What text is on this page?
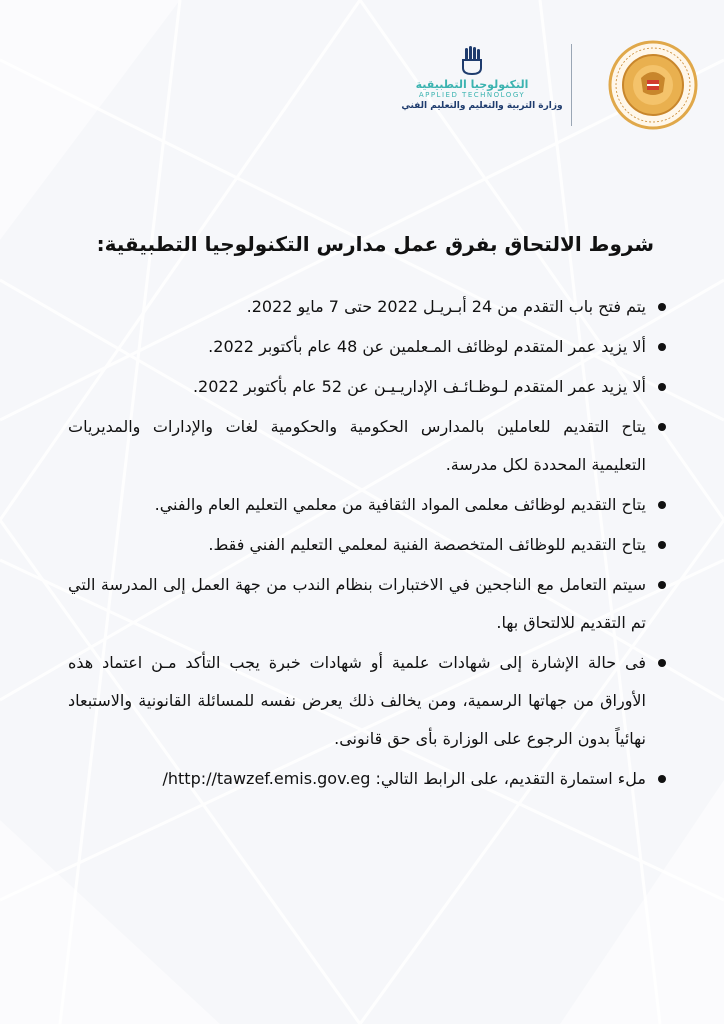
التكنولوجيا التطبيقية
APPLIED TECHNOLOGY
وزارة التربية والتعليم والتعليم الفني
شروط الالتحاق بفرق عمل مدارس التكنولوجيا التطبيقية:
يتم فتح باب التقدم من 24 أبـريـل 2022 حتى 7 مايو 2022.
ألا يزيد عمر المتقدم لوظائف المـعلمين عن 48 عام بأكتوبر 2022.
ألا يزيد عمر المتقدم لـوظـائـف الإداريـيـن عن 52 عام بأكتوبر 2022.
يتاح التقديم للعاملين بالمدارس الحكومية والحكومية لغات والإدارات والمديريات التعليمية المحددة لكل مدرسة.
يتاح التقديم لوظائف معلمى المواد الثقافية من معلمي التعليم العام والفني.
يتاح التقديم للوظائف المتخصصة الفنية لمعلمي التعليم الفني فقط.
سيتم التعامل مع الناجحين في الاختبارات بنظام الندب من جهة العمل إلى المدرسة التي تم التقديم للالتحاق بها.
فى حالة الإشارة إلى شهادات علمية أو شهادات خبرة يجب التأكد مـن اعتماد هذه الأوراق من جهاتها الرسمية، ومن يخالف ذلك يعرض نفسه للمسائلة القانونية والاستبعاد نهائياً بدون الرجوع على الوزارة بأى حق قانونى.
ملء استمارة التقديم، على الرابط التالي: http://tawzef.emis.gov.eg/
